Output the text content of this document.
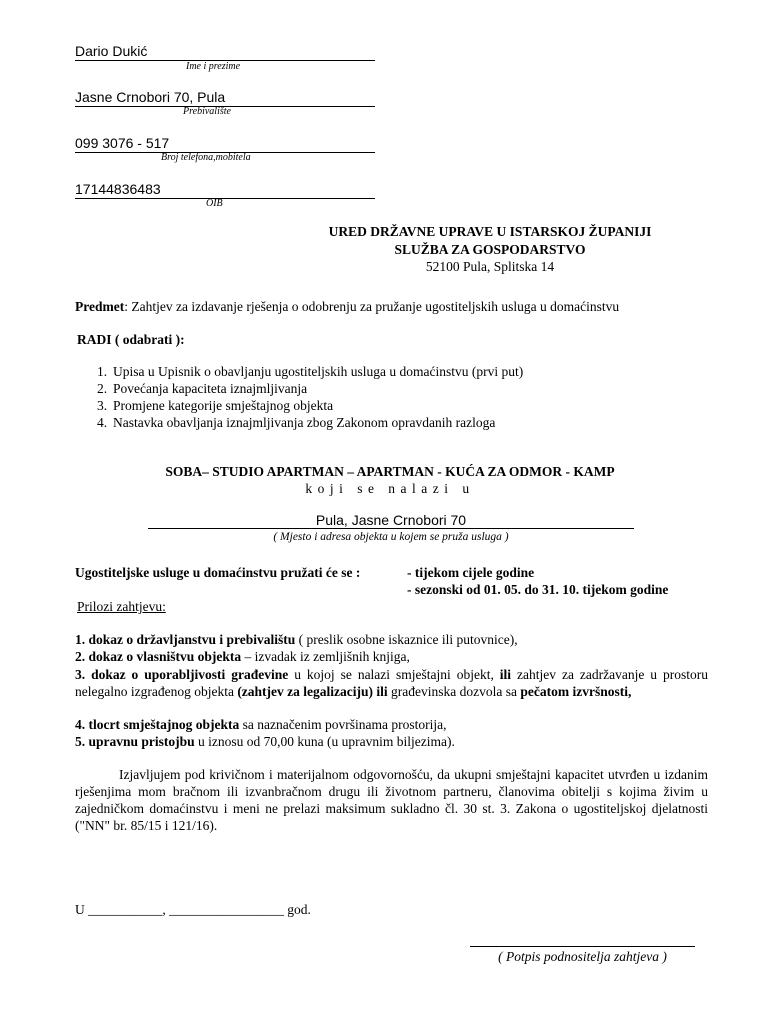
Dario Dukić
Ime i prezime
Jasne Crnobori 70, Pula
Prebivalište
099 3076 - 517
Broj telefona,mobitela
17144836483
OIB
URED DRŽAVNE UPRAVE U ISTARSKOJ ŽUPANIJI
SLUŽBA ZA GOSPODARSTVO
52100 Pula, Splitska 14
Predmet: Zahtjev za izdavanje rješenja o odobrenju za pružanje ugostiteljskih usluga u domaćinstvu
RADI ( odabrati ):
1. Upisa u Upisnik o obavljanju ugostiteljskih usluga u domaćinstvu (prvi put)
2. Povećanja kapaciteta iznajmljivanja
3. Promjene kategorije smještajnog objekta
4. Nastavka obavljanja iznajmljivanja zbog Zakonom opravdanih razloga
SOBA– STUDIO APARTMAN – APARTMAN - KUĆA ZA ODMOR - KAMP
koji se nalazi u
Pula, Jasne Crnobori 70
( Mjesto i adresa objekta u kojem se pruža usluga )
Ugostiteljske usluge u domaćinstvu pružati će se :	- tijekom cijele godine
- sezonski od 01. 05. do 31. 10. tijekom godine
Prilozi zahtjevu:
1. dokaz o državljanstvu i prebivalištu ( preslik osobne iskaznice ili putovnice),
2. dokaz o vlasništvu objekta – izvadak iz zemljišnih knjiga,
3. dokaz o uporabljivosti građevine u kojoj se nalazi smještajni objekt, ili zahtjev za zadržavanje u prostoru nelegalno izgrađenog objekta (zahtjev za legalizaciju) ili građevinska dozvola sa pečatom izvršnosti,
4. tlocrt smještajnog objekta sa naznačenim površinama prostorija,
5. upravnu pristojbu u iznosu od 70,00 kuna (u upravnim biljezima).
Izjavljujem pod krivičnom i materijalnom odgovornošću, da ukupni smještajni kapacitet utvrđen u izdanim rješenjima mom bračnom ili izvanbračnom drugu ili životnom partneru, članovima obitelji s kojima živim u zajedničkom domaćinstvu i meni ne prelazi maksimum sukladno čl. 30 st. 3. Zakona o ugostiteljskoj djelatnosti ("NN" br. 85/15 i 121/16).
U ___________, _________________ god.
( Potpis podnositelja zahtjeva )
